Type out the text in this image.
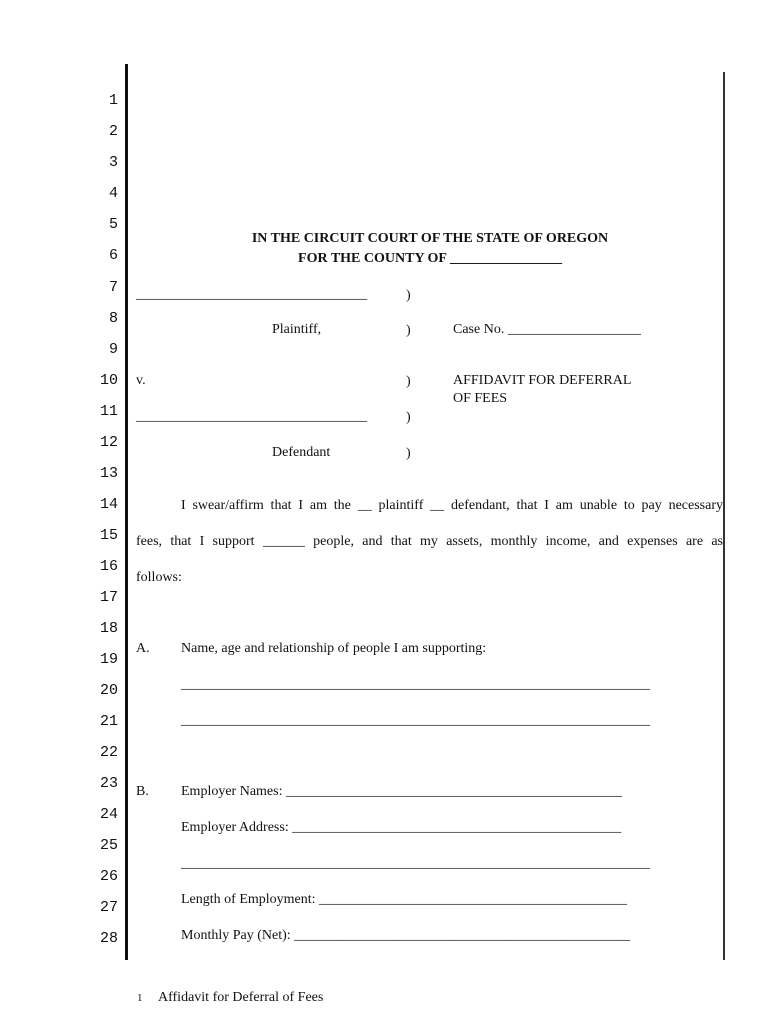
1
2
3
4
5
6
7
8
9
10
11
12
13
14
15
16
17
18
19
20
21
22
23
24
25
26
27
28
IN THE CIRCUIT COURT OF THE STATE OF OREGON
FOR THE COUNTY OF ________________
_________________________________	)
Plaintiff,	)	Case No. ___________________
v.	)	AFFIDAVIT FOR DEFERRAL
OF FEES
_________________________________	)
Defendant	)
I swear/affirm that I am the __ plaintiff __ defendant, that I am unable to pay necessary
fees, that I support ______ people, and that my assets, monthly income, and expenses are as
follows:
A. Name, age and relationship of people I am supporting:
___________________________________________________________________
___________________________________________________________________
B. Employer Names: ________________________________________________
Employer Address: _______________________________________________
___________________________________________________________________
Length of Employment: ____________________________________________
Monthly Pay (Net): ________________________________________________
1 Affidavit for Deferral of Fees
